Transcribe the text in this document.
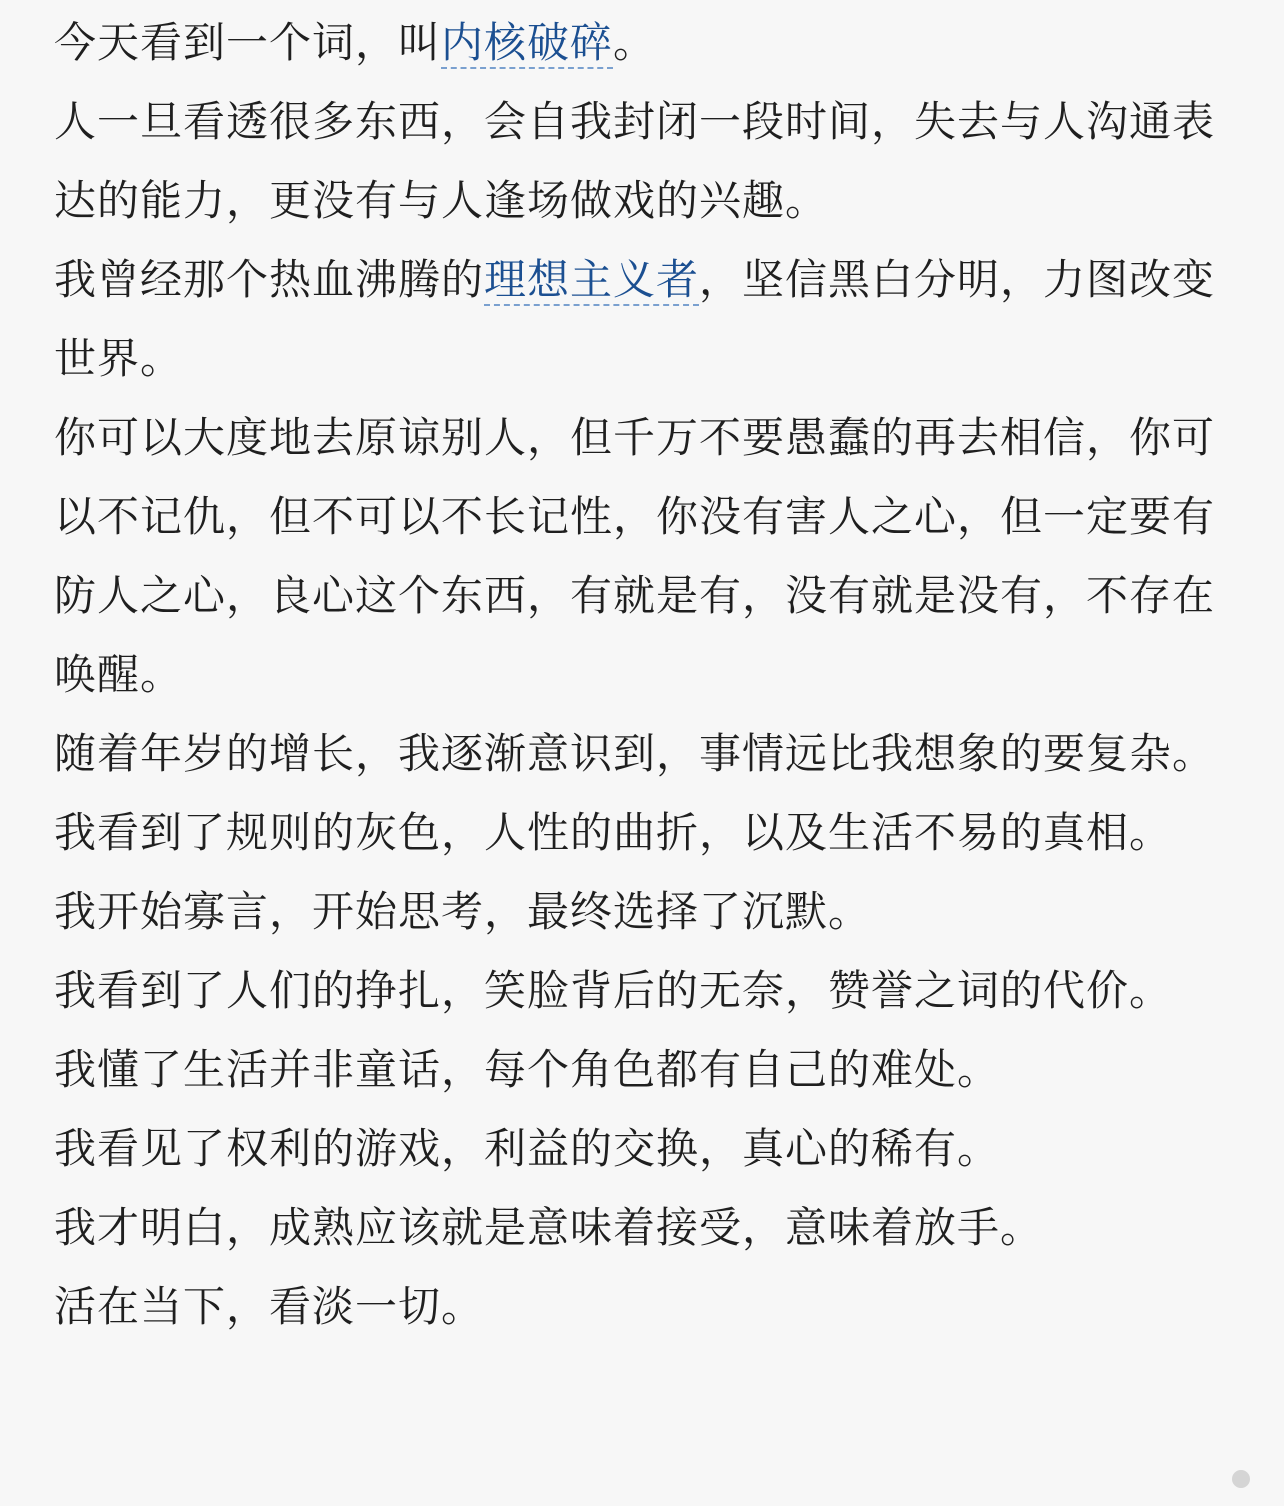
今天看到一个词，叫内核破碎。

人一旦看透很多东西，会自我封闭一段时间，失去与人沟通表达的能力，更没有与人逢场做戏的兴趣。

我曾经那个热血沸腾的理想主义者，坚信黑白分明，力图改变世界。

你可以大度地去原谅别人，但千万不要愚蠢的再去相信，你可以不记仇，但不可以不长记性，你没有害人之心，但一定要有防人之心，良心这个东西，有就是有，没有就是没有，不存在唤醒。

随着年岁的增长，我逐渐意识到，事情远比我想象的要复杂。我看到了规则的灰色，人性的曲折，以及生活不易的真相。

我开始寡言，开始思考，最终选择了沉默。

我看到了人们的挣扎，笑脸背后的无奈，赞誉之词的代价。

我懂了生活并非童话，每个角色都有自己的难处。

我看见了权利的游戏，利益的交换，真心的稀有。

我才明白，成熟应该就是意味着接受，意味着放手。

活在当下，看淡一切。
